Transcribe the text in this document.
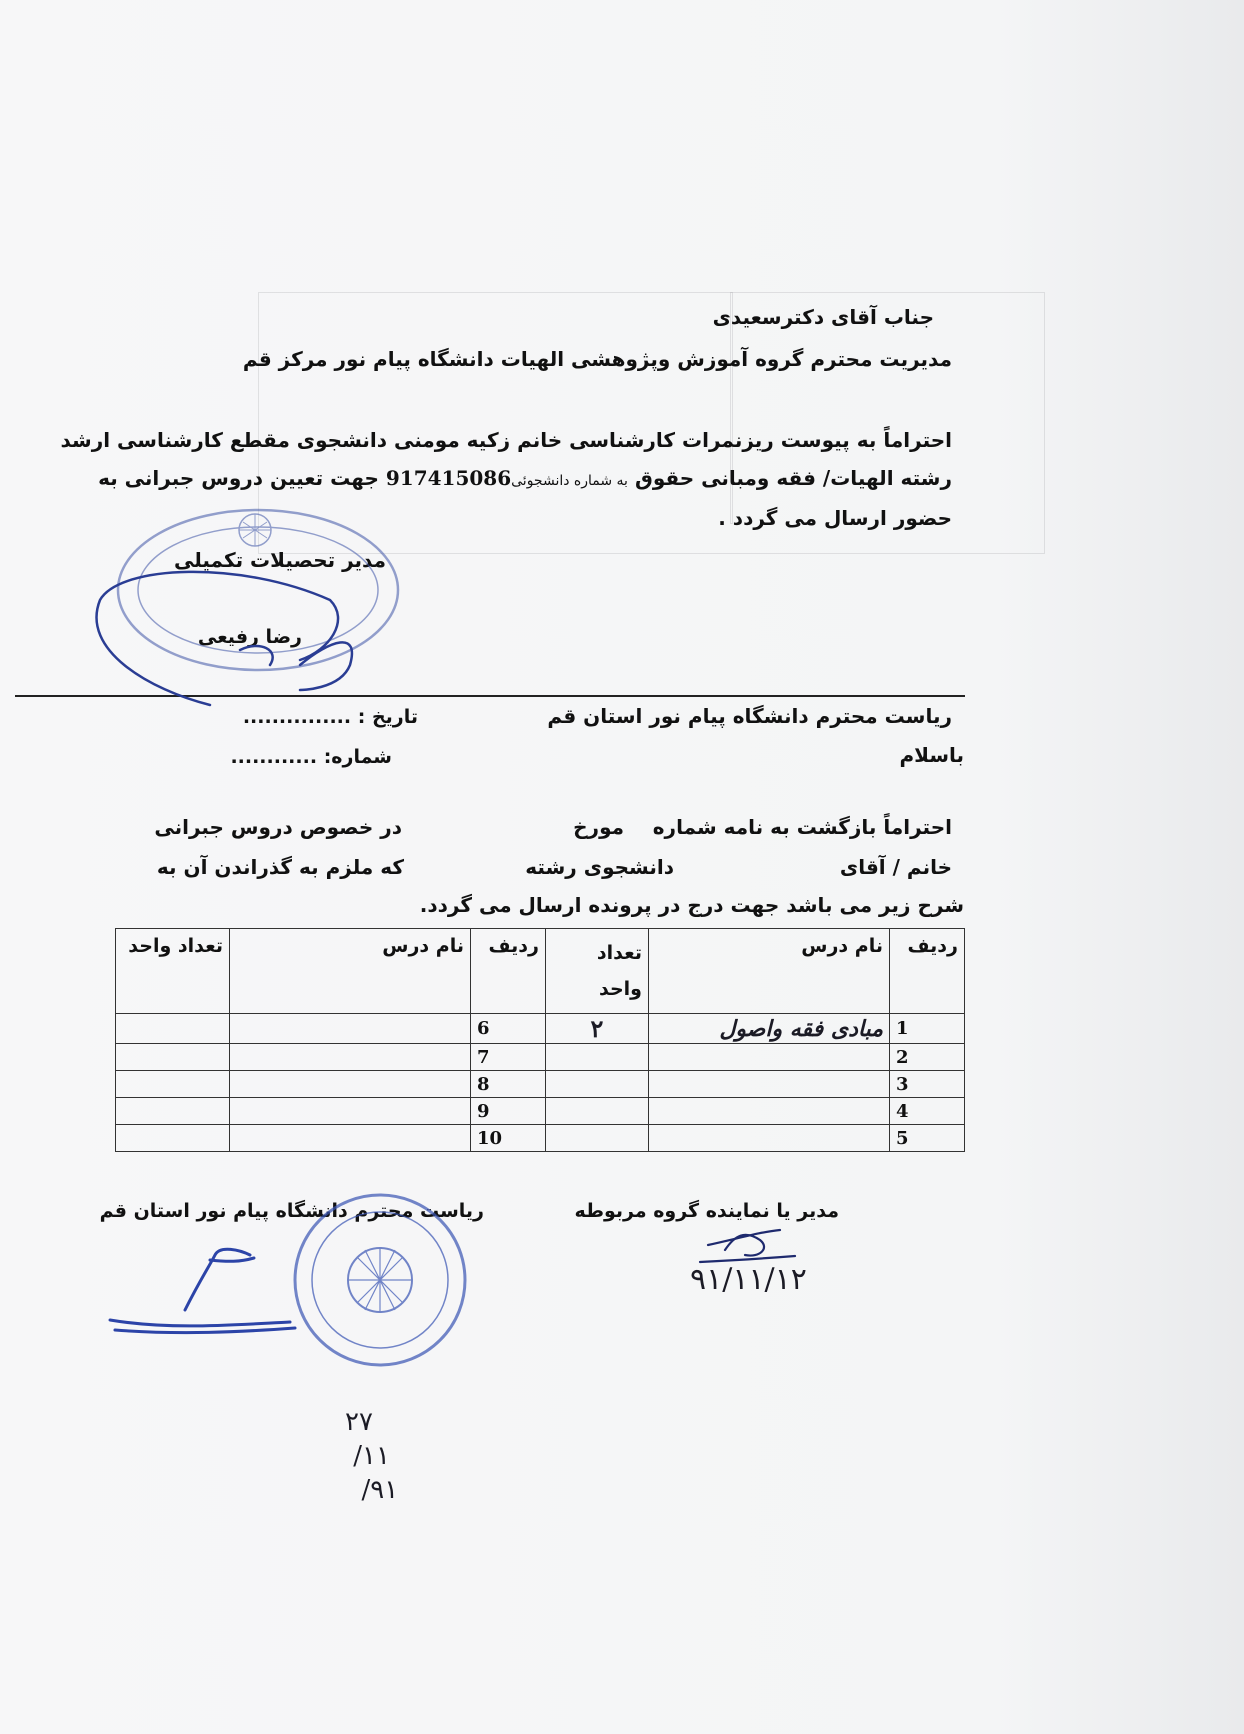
جناب آقای دکترسعیدی
مدیریت محترم گروه آموزش وپژوهشی الهیات دانشگاه پیام نور مرکز قم
احتراماً به پیوست ریزنمرات کارشناسی خانم زکیه مومنی دانشجوی مقطع کارشناسی ارشد
رشته الهیات/ فقه ومبانی حقوق به شماره دانشجوئی917415086 جهت تعیین دروس جبرانی به
حضور ارسال می گردد .
مدیر تحصیلات تکمیلی
رضا رفیعی
ریاست محترم دانشگاه پیام نور استان قم
باسلام
تاریخ : ...............
شماره: ............
احتراماً بازگشت به نامه شماره
مورخ
در خصوص دروس جبرانی
خانم / آقای
دانشجوی رشته
که ملزم به گذراندن آن به
شرح زیر می باشد جهت درج در پرونده ارسال می گردد.
ردیف	نام درس	تعداد واحد	ردیف	نام درس	تعداد واحد
1	مبادی فقه واصول	۲	6		
2			7		
3			8		
4			9		
5			10		
مدیر یا نماینده گروه مربوطه
ریاست محترم دانشگاه پیام نور استان قم
۹۱/۱۱/۱۲
۲۷
/۱۱
/۹۱
